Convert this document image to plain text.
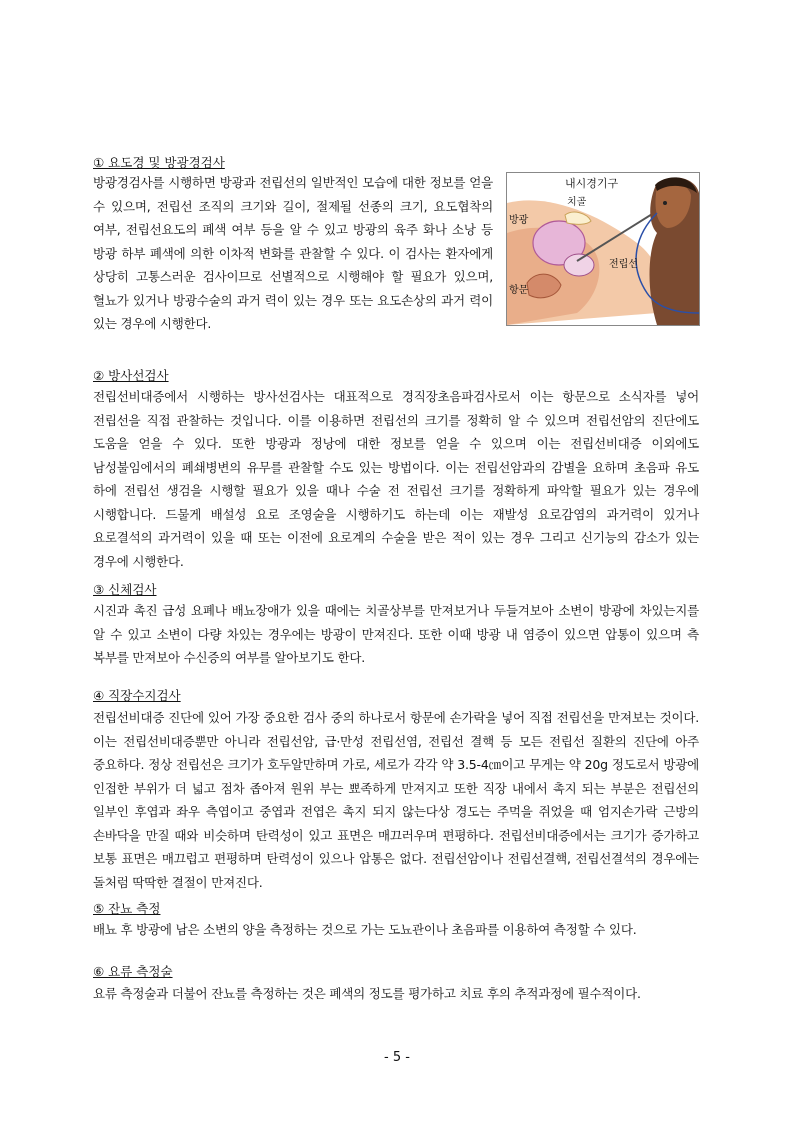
① 요도경 및 방광경검사
방광경검사를 시행하면 방광과 전립선의 일반적인 모습에 대한 정보를 얻을 수 있으며, 전립선 조직의 크기와 길이, 절제될 선종의 크기, 요도협착의 여부, 전립선요도의 폐색 여부 등을 알 수 있고 방광의 육주 화나 소낭 등 방광 하부 폐색에 의한 이차적 변화를 관찰할 수 있다. 이 검사는 환자에게 상당히 고통스러운 검사이므로 선별적으로 시행해야 할 필요가 있으며, 혈뇨가 있거나 방광수술의 과거 력이 있는 경우 또는 요도손상의 과거 력이 있는 경우에 시행한다.
내시경기구
치골
방광
전립선
항문
② 방사선검사
전립선비대증에서 시행하는 방사선검사는 대표적으로 경직장초음파검사로서 이는 항문으로 소식자를 넣어 전립선을 직접 관찰하는 것입니다. 이를 이용하면 전립선의 크기를 정확히 알 수 있으며 전립선암의 진단에도 도움을 얻을 수 있다. 또한 방광과 정낭에 대한 정보를 얻을 수 있으며 이는 전립선비대증 이외에도 남성불임에서의 폐쇄병변의 유무를 관찰할 수도 있는 방법이다. 이는 전립선암과의 감별을 요하며 초음파 유도 하에 전립선 생검을 시행할 필요가 있을 때나 수술 전 전립선 크기를 정확하게 파악할 필요가 있는 경우에 시행합니다. 드물게 배설성 요로 조영술을 시행하기도 하는데 이는 재발성 요로감염의 과거력이 있거나 요로결석의 과거력이 있을 때 또는 이전에 요로계의 수술을 받은 적이 있는 경우 그리고 신기능의 감소가 있는 경우에 시행한다.
③ 신체검사
시진과 촉진 급성 요폐나 배뇨장애가 있을 때에는 치골상부를 만져보거나 두들겨보아 소변이 방광에 차있는지를 알 수 있고 소변이 다량 차있는 경우에는 방광이 만져진다. 또한 이때 방광 내 염증이 있으면 압통이 있으며 측 복부를 만져보아 수신증의 여부를 알아보기도 한다.
④ 직장수지검사
전립선비대증 진단에 있어 가장 중요한 검사 중의 하나로서 항문에 손가락을 넣어 직접 전립선을 만져보는 것이다. 이는 전립선비대증뿐만 아니라 전립선암, 급·만성 전립선염, 전립선 결핵 등 모든 전립선 질환의 진단에 아주 중요하다. 정상 전립선은 크기가 호두알만하며 가로, 세로가 각각 약 3.5-4㎝이고 무게는 약 20g 정도로서 방광에 인접한 부위가 더 넓고 점차 좁아져 원위 부는 뾰족하게 만져지고 또한 직장 내에서 촉지 되는 부분은 전립선의 일부인 후엽과 좌우 측엽이고 중엽과 전엽은 촉지 되지 않는다상 경도는 주먹을 쥐었을 때 엄지손가락 근방의 손바닥을 만질 때와 비슷하며 탄력성이 있고 표면은 매끄러우며 편평하다. 전립선비대증에서는 크기가 증가하고 보통 표면은 매끄럽고 편평하며 탄력성이 있으나 압통은 없다. 전립선암이나 전립선결핵, 전립선결석의 경우에는 돌처럼 딱딱한 결절이 만져진다.
⑤ 잔뇨 측정
배뇨 후 방광에 남은 소변의 양을 측정하는 것으로 가는 도뇨관이나 초음파를 이용하여 측정할 수 있다.
⑥ 요류 측정술
요류 측정술과 더불어 잔뇨를 측정하는 것은 폐색의 정도를 평가하고 치료 후의 추적과정에 필수적이다.
- 5 -
